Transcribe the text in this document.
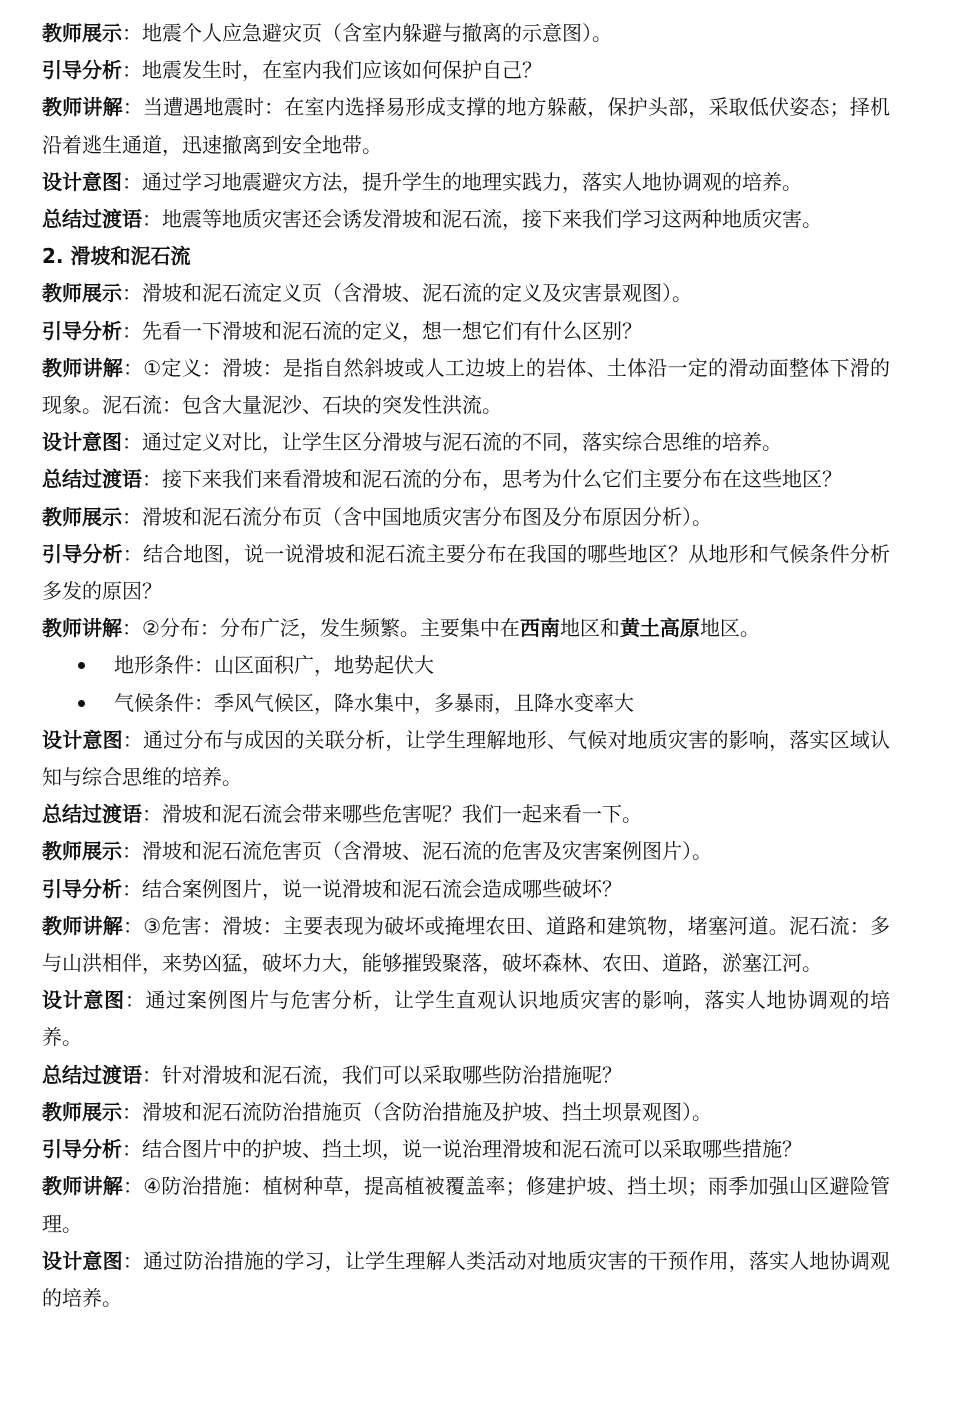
教师展示：地震个人应急避灾页（含室内躲避与撤离的示意图）。

引导分析：地震发生时，在室内我们应该如何保护自己？

教师讲解：当遭遇地震时：在室内选择易形成支撑的地方躲蔽，保护头部，采取低伏姿态；择机沿着逃生通道，迅速撤离到安全地带。

设计意图：通过学习地震避灾方法，提升学生的地理实践力，落实人地协调观的培养。

总结过渡语：地震等地质灾害还会诱发滑坡和泥石流，接下来我们学习这两种地质灾害。

2. 滑坡和泥石流

教师展示：滑坡和泥石流定义页（含滑坡、泥石流的定义及灾害景观图）。

引导分析：先看一下滑坡和泥石流的定义，想一想它们有什么区别？

教师讲解：①定义：滑坡：是指自然斜坡或人工边坡上的岩体、土体沿一定的滑动面整体下滑的现象。泥石流：包含大量泥沙、石块的突发性洪流。

设计意图：通过定义对比，让学生区分滑坡与泥石流的不同，落实综合思维的培养。

总结过渡语：接下来我们来看滑坡和泥石流的分布，思考为什么它们主要分布在这些地区？

教师展示：滑坡和泥石流分布页（含中国地质灾害分布图及分布原因分析）。

引导分析：结合地图，说一说滑坡和泥石流主要分布在我国的哪些地区？从地形和气候条件分析多发的原因？

教师讲解：②分布：分布广泛，发生频繁。主要集中在西南地区和黄土高原地区。

地形条件：山区面积广，地势起伏大
气候条件：季风气候区，降水集中，多暴雨，且降水变率大

设计意图：通过分布与成因的关联分析，让学生理解地形、气候对地质灾害的影响，落实区域认知与综合思维的培养。

总结过渡语：滑坡和泥石流会带来哪些危害呢？我们一起来看一下。

教师展示：滑坡和泥石流危害页（含滑坡、泥石流的危害及灾害案例图片）。

引导分析：结合案例图片，说一说滑坡和泥石流会造成哪些破坏？

教师讲解：③危害：滑坡：主要表现为破坏或掩埋农田、道路和建筑物，堵塞河道。泥石流：多与山洪相伴，来势凶猛，破坏力大，能够摧毁聚落，破坏森林、农田、道路，淤塞江河。

设计意图：通过案例图片与危害分析，让学生直观认识地质灾害的影响，落实人地协调观的培养。

总结过渡语：针对滑坡和泥石流，我们可以采取哪些防治措施呢？

教师展示：滑坡和泥石流防治措施页（含防治措施及护坡、挡土坝景观图）。

引导分析：结合图片中的护坡、挡土坝，说一说治理滑坡和泥石流可以采取哪些措施？

教师讲解：④防治措施：植树种草，提高植被覆盖率；修建护坡、挡土坝；雨季加强山区避险管理。

设计意图：通过防治措施的学习，让学生理解人类活动对地质灾害的干预作用，落实人地协调观的培养。
